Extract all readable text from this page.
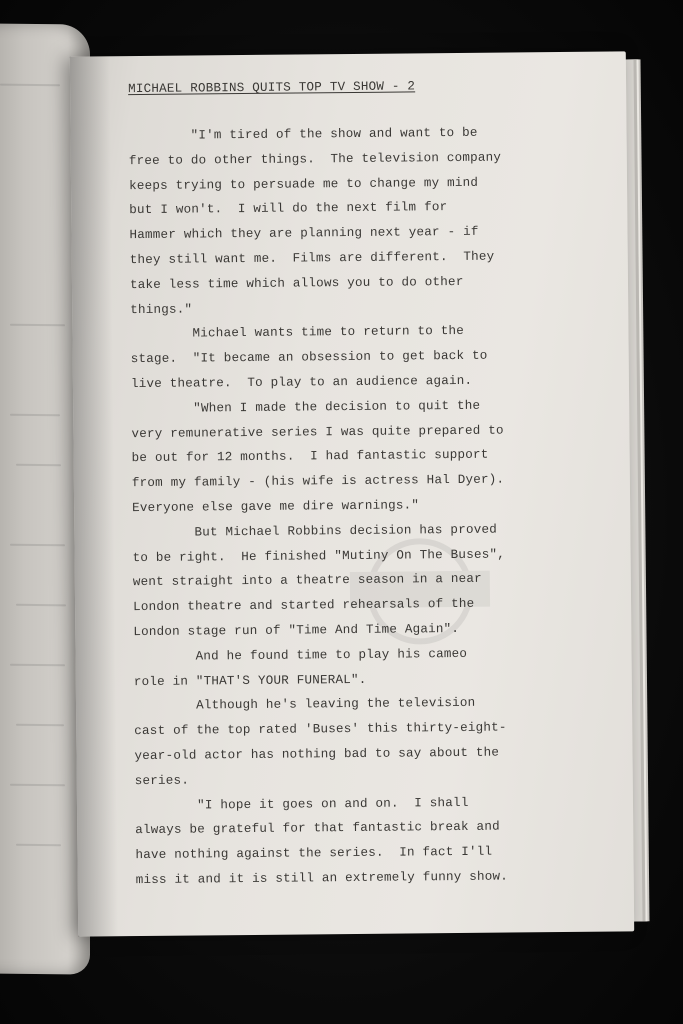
MICHAEL ROBBINS QUITS TOP TV SHOW - 2
"I'm tired of the show and want to be
free to do other things.  The television company
keeps trying to persuade me to change my mind
but I won't.  I will do the next film for
Hammer which they are planning next year - if
they still want me.  Films are different.  They
take less time which allows you to do other
things."
Michael wants time to return to the
stage.  "It became an obsession to get back to
live theatre.  To play to an audience again.
"When I made the decision to quit the
very remunerative series I was quite prepared to
be out for 12 months.  I had fantastic support
from my family - (his wife is actress Hal Dyer).
Everyone else gave me dire warnings."
But Michael Robbins decision has proved
to be right.  He finished "Mutiny On The Buses",
went straight into a theatre season in a near
London theatre and started rehearsals of the
London stage run of "Time And Time Again".
And he found time to play his cameo
role in "THAT'S YOUR FUNERAL".
Although he's leaving the television
cast of the top rated 'Buses' this thirty-eight-
year-old actor has nothing bad to say about the
series.
"I hope it goes on and on.  I shall
always be grateful for that fantastic break and
have nothing against the series.  In fact I'll
miss it and it is still an extremely funny show.
